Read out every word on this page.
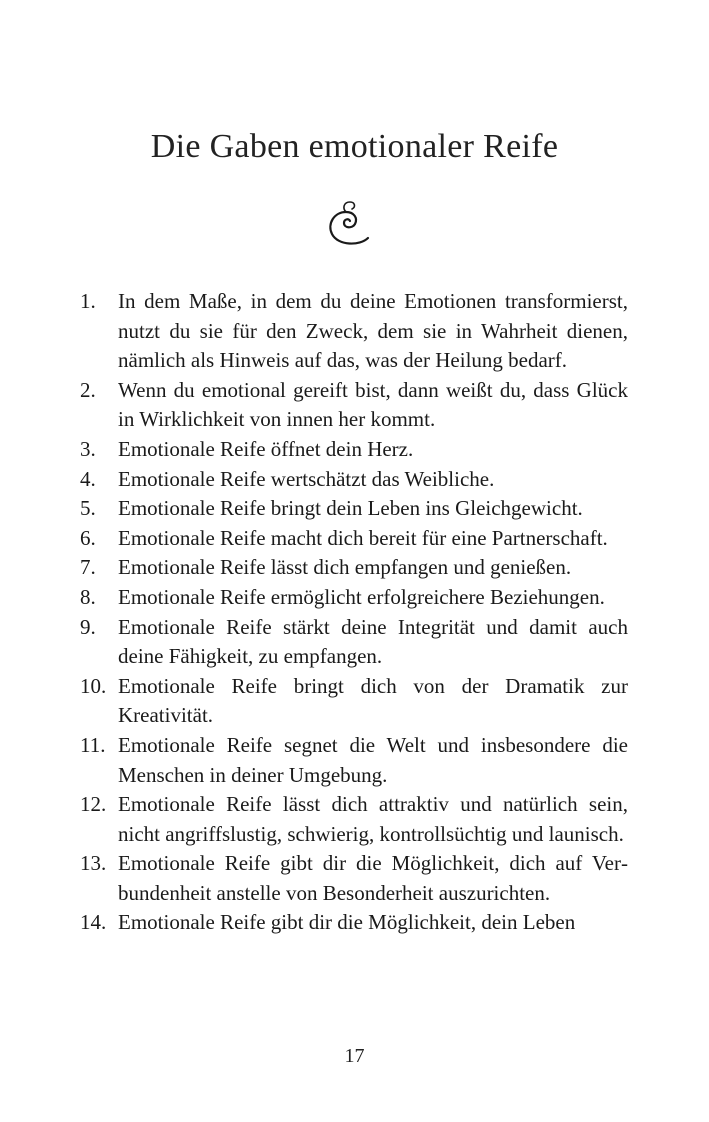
Die Gaben emotionaler Reife
1.	In dem Maße, in dem du deine Emotionen transformierst, nutzt du sie für den Zweck, dem sie in Wahrheit dienen, nämlich als Hinweis auf das, was der Heilung bedarf.
2.	Wenn du emotional gereift bist, dann weißt du, dass Glück in Wirklichkeit von innen her kommt.
3.	Emotionale Reife öffnet dein Herz.
4.	Emotionale Reife wertschätzt das Weibliche.
5.	Emotionale Reife bringt dein Leben ins Gleichgewicht.
6.	Emotionale Reife macht dich bereit für eine Partnerschaft.
7.	Emotionale Reife lässt dich empfangen und genießen.
8.	Emotionale Reife ermöglicht erfolgreichere Beziehungen.
9.	Emotionale Reife stärkt deine Integrität und damit auch deine Fähigkeit, zu empfangen.
10. Emotionale Reife bringt dich von der Dramatik zur Kreativität.
11. Emotionale Reife segnet die Welt und insbesondere die Menschen in deiner Umgebung.
12. Emotionale Reife lässt dich attraktiv und natürlich sein, nicht angriffslustig, schwierig, kontrollsüchtig und launisch.
13. Emotionale Reife gibt dir die Möglichkeit, dich auf Verbundenheit anstelle von Besonderheit auszurichten.
14. Emotionale Reife gibt dir die Möglichkeit, dein Leben
17
